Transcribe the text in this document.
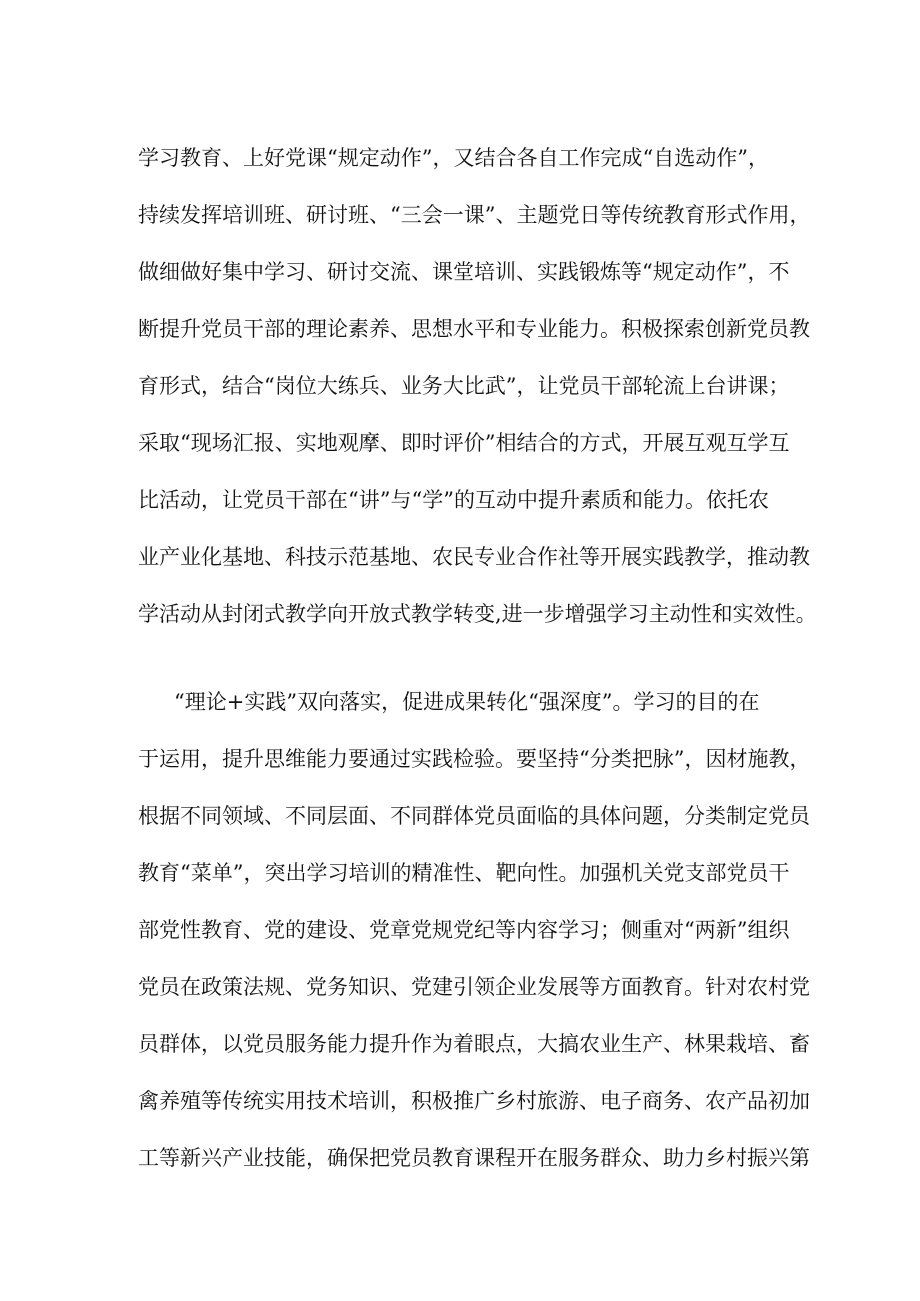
学习教育、上好党课“规定动作”，又结合各自工作完成“自选动作”，
持续发挥培训班、研讨班、“三会一课”、主题党日等传统教育形式作用，
做细做好集中学习、研讨交流、课堂培训、实践锻炼等“规定动作”，不
断提升党员干部的理论素养、思想水平和专业能力。积极探索创新党员教
育形式，结合“岗位大练兵、业务大比武”，让党员干部轮流上台讲课；
采取“现场汇报、实地观摩、即时评价”相结合的方式，开展互观互学互
比活动，让党员干部在“讲”与“学”的互动中提升素质和能力。依托农
业产业化基地、科技示范基地、农民专业合作社等开展实践教学，推动教
学活动从封闭式教学向开放式教学转变,进一步增强学习主动性和实效性。
“理论+实践”双向落实，促进成果转化“强深度”。学习的目的在
于运用，提升思维能力要通过实践检验。要坚持“分类把脉”，因材施教，
根据不同领域、不同层面、不同群体党员面临的具体问题，分类制定党员
教育“菜单”，突出学习培训的精准性、靶向性。加强机关党支部党员干
部党性教育、党的建设、党章党规党纪等内容学习；侧重对“两新”组织
党员在政策法规、党务知识、党建引领企业发展等方面教育。针对农村党
员群体，以党员服务能力提升作为着眼点，大搞农业生产、林果栽培、畜
禽养殖等传统实用技术培训，积极推广乡村旅游、电子商务、农产品初加
工等新兴产业技能，确保把党员教育课程开在服务群众、助力乡村振兴第
